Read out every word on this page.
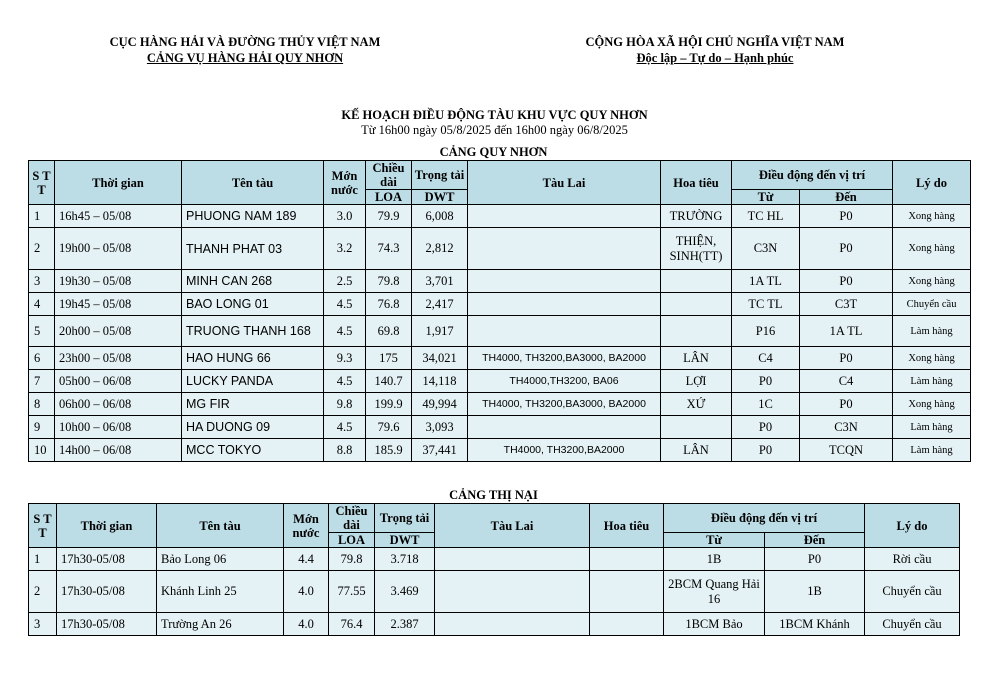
CỤC HÀNG HẢI VÀ ĐƯỜNG THỦY VIỆT NAM
CẢNG VỤ HÀNG HẢI QUY NHƠN
CỘNG HÒA XÃ HỘI CHỦ NGHĨA VIỆT NAM
Độc lập – Tự do – Hạnh phúc
KẾ HOẠCH ĐIỀU ĐỘNG TÀU KHU VỰC QUY NHƠN
Từ 16h00 ngày 05/8/2025 đến 16h00 ngày 06/8/2025
CẢNG QUY NHƠN
S T T	Thời gian	Tên tàu	Mớn nước	Chiều dài	Trọng tải	Tàu Lai	Hoa tiêu	Điều động đến vị trí		Lý do
				LOA	DWT			Từ	Đến	
1	16h45 – 05/08	PHUONG NAM 189	3.0	79.9	6,008		TRƯỜNG	TC HL	P0	Xong hàng
2	19h00 – 05/08	THANH PHAT 03	3.2	74.3	2,812		THIỆN, SINH(TT)	C3N	P0	Xong hàng
3	19h30 – 05/08	MINH CAN 268	2.5	79.8	3,701			1A TL	P0	Xong hàng
4	19h45 – 05/08	BAO LONG 01	4.5	76.8	2,417			TC TL	C3T	Chuyển cầu
5	20h00 – 05/08	TRUONG THANH 168	4.5	69.8	1,917			P16	1A TL	Làm hàng
6	23h00 – 05/08	HAO HUNG 66	9.3	175	34,021	TH4000, TH3200,BA3000, BA2000	LÂN	C4	P0	Xong hàng
7	05h00 – 06/08	LUCKY PANDA	4.5	140.7	14,118	TH4000,TH3200, BA06	LỢI	P0	C4	Làm hàng
8	06h00 – 06/08	MG FIR	9.8	199.9	49,994	TH4000, TH3200,BA3000, BA2000	XỨ	1C	P0	Xong hàng
9	10h00 – 06/08	HA DUONG 09	4.5	79.6	3,093			P0	C3N	Làm hàng
10	14h00 – 06/08	MCC TOKYO	8.8	185.9	37,441	TH4000, TH3200,BA2000	LÂN	P0	TCQN	Làm hàng
CẢNG THỊ NẠI
S T T	Thời gian	Tên tàu	Mớn nước	Chiều dài	Trọng tải	Tàu Lai	Hoa tiêu	Điều động đến vị trí		Lý do
				LOA	DWT			Từ	Đến	
1	17h30-05/08	Bảo Long 06	4.4	79.8	3.718			1B	P0	Rời cầu
2	17h30-05/08	Khánh Linh 25	4.0	77.55	3.469			2BCM Quang Hải 16	1B	Chuyển cầu
3	17h30-05/08	Trường An 26	4.0	76.4	2.387			1BCM Bảo	1BCM Khánh	Chuyển cầu
